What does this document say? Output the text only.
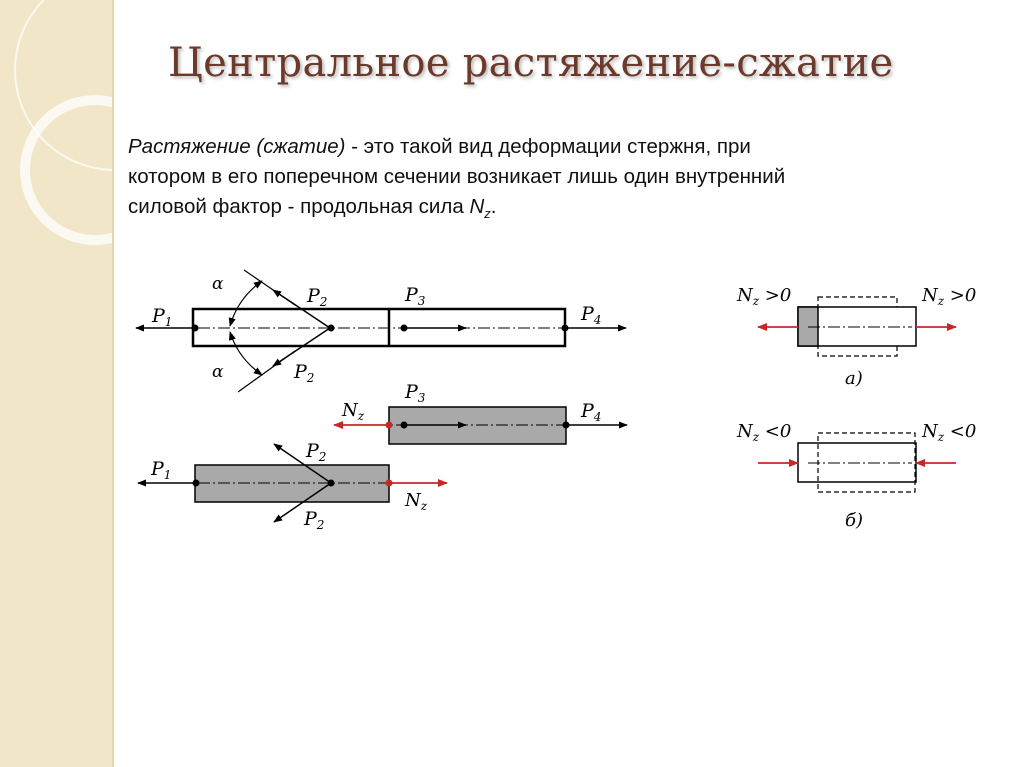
Центральное растяжение-сжатие
Растяжение (сжатие) - это такой вид деформации стержня, при
котором в его поперечном сечении возникает лишь один внутренний
силовой фактор - продольная сила $N_z$.
$P_1$
$P_2$
$P_2$
$P_3$
$P_4$
α
α
$N_z$
$P_3$
$P_4$
$P_1$
$P_2$
$P_2$
$N_z$
$N_z >0$	$N_z >0$
а)
$N_z <0$	$N_z <0$
б)
